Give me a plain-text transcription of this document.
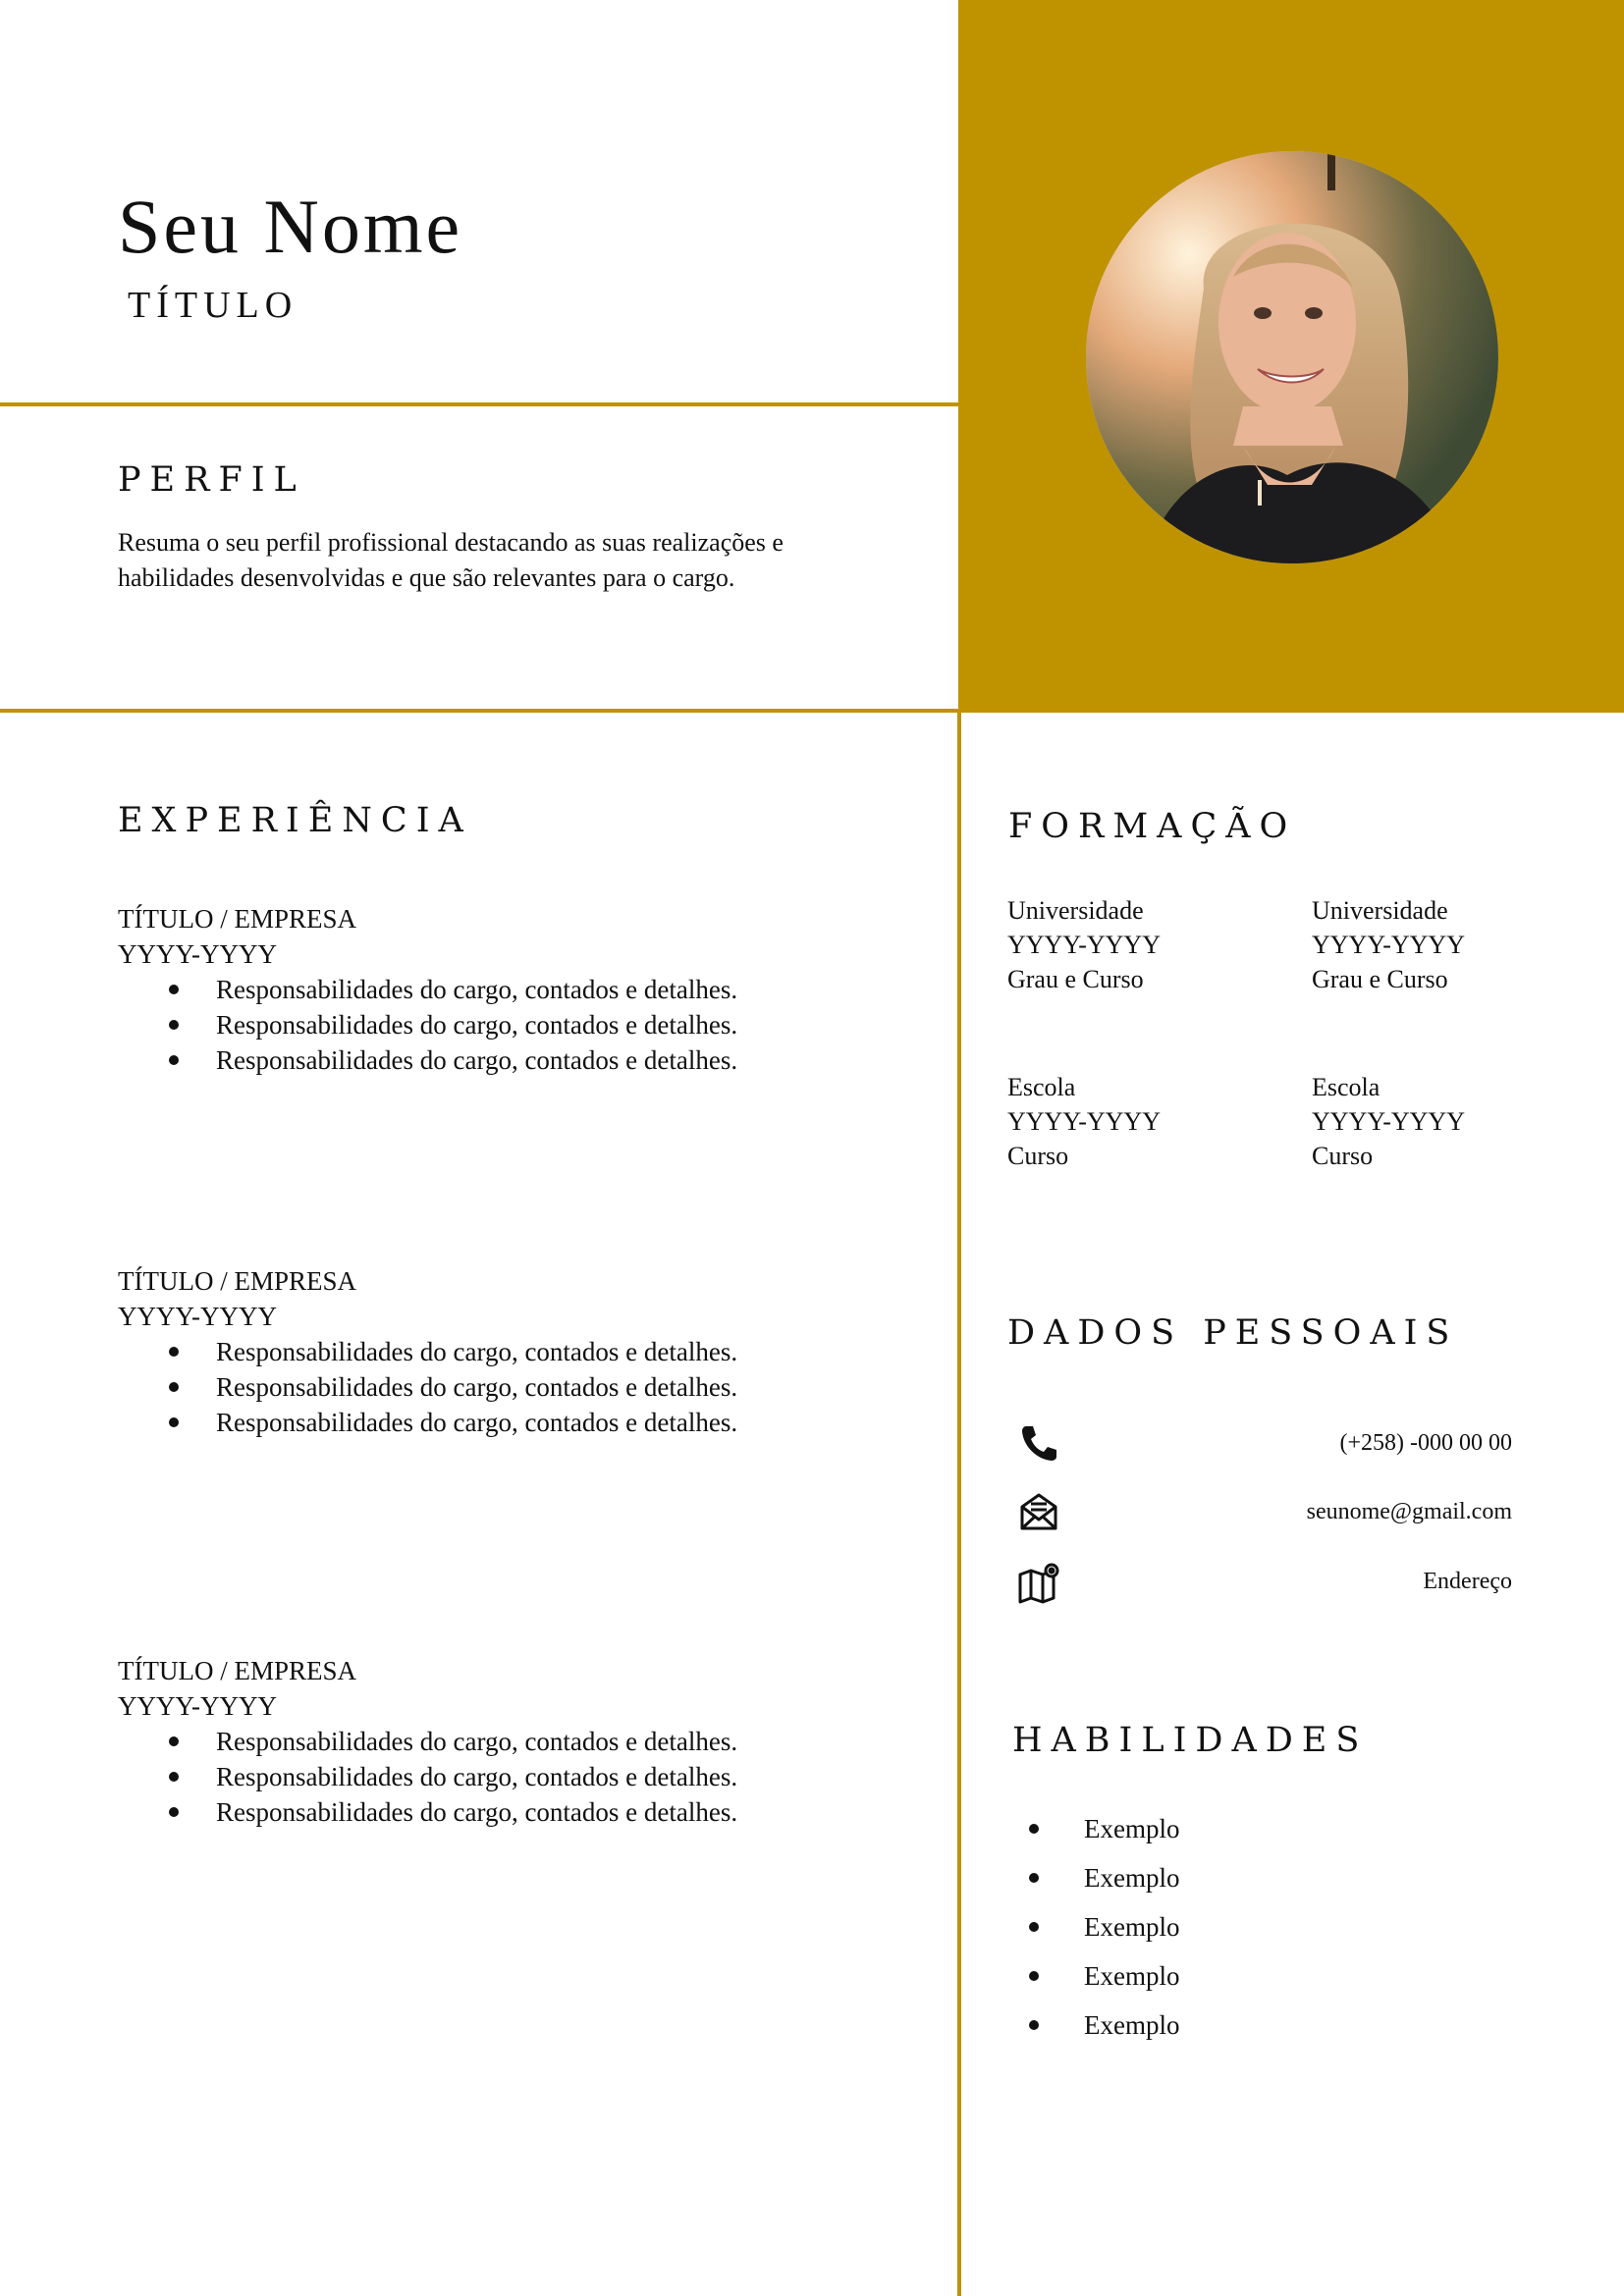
Seu Nome
TÍTULO
PERFIL
Resuma o seu perfil profissional destacando as suas realizações e
habilidades desenvolvidas e que são relevantes para o cargo.
EXPERIÊNCIA
TÍTULO / EMPRESA
YYYY-YYYY
Responsabilidades do cargo, contados e detalhes.
Responsabilidades do cargo, contados e detalhes.
Responsabilidades do cargo, contados e detalhes.
TÍTULO / EMPRESA
YYYY-YYYY
Responsabilidades do cargo, contados e detalhes.
Responsabilidades do cargo, contados e detalhes.
Responsabilidades do cargo, contados e detalhes.
TÍTULO / EMPRESA
YYYY-YYYY
Responsabilidades do cargo, contados e detalhes.
Responsabilidades do cargo, contados e detalhes.
Responsabilidades do cargo, contados e detalhes.
FORMAÇÃO
Universidade
YYYY-YYYY
Grau e Curso
Universidade
YYYY-YYYY
Grau e Curso
Escola
YYYY-YYYY
Curso
Escola
YYYY-YYYY
Curso
DADOS PESSOAIS
(+258) -000 00 00
seunome@gmail.com
Endereço
HABILIDADES
Exemplo
Exemplo
Exemplo
Exemplo
Exemplo
